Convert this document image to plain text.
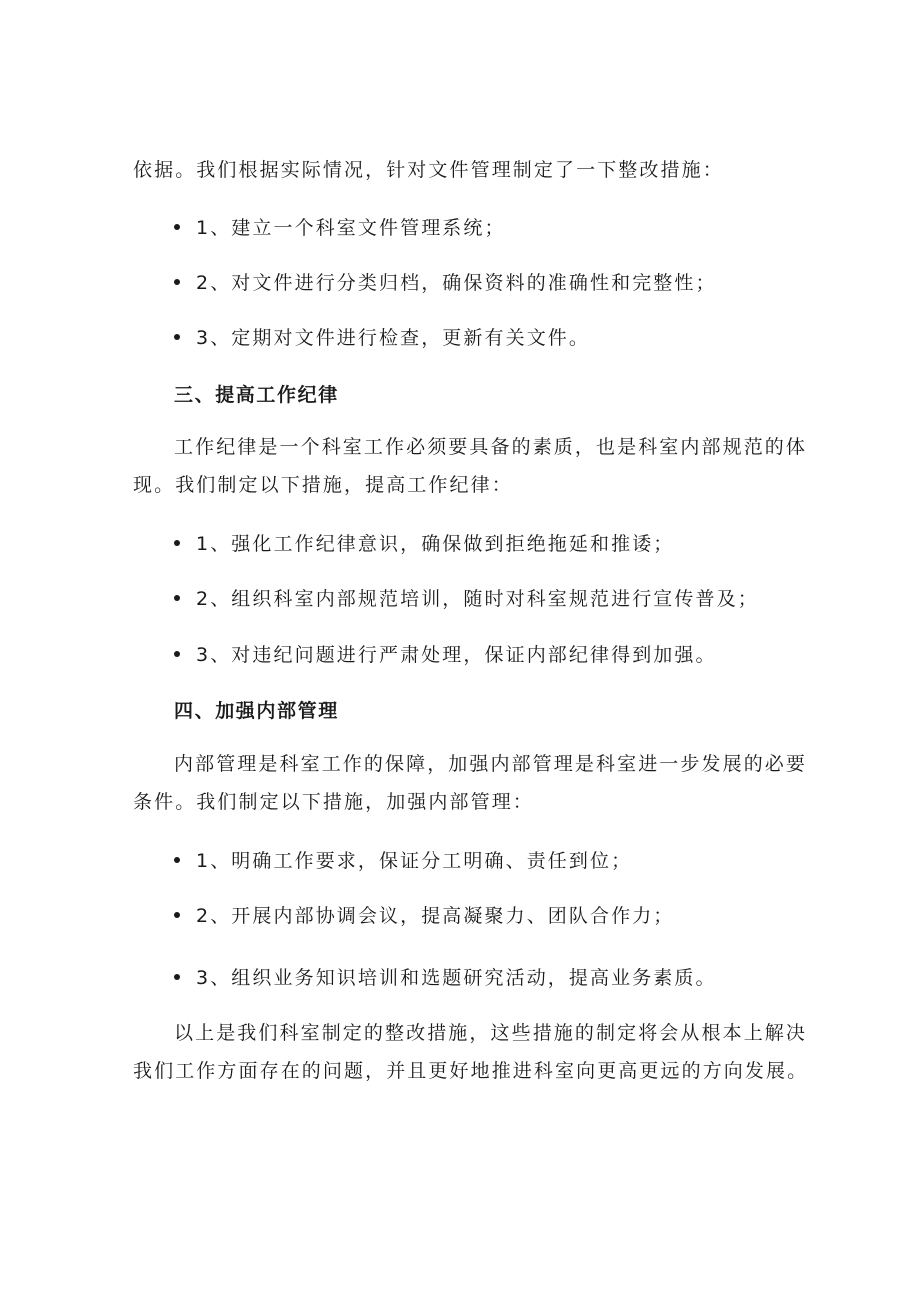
依据。我们根据实际情况，针对文件管理制定了一下整改措施：
1、建立一个科室文件管理系统；
2、对文件进行分类归档，确保资料的准确性和完整性；
3、定期对文件进行检查，更新有关文件。
三、提高工作纪律
工作纪律是一个科室工作必须要具备的素质，也是科室内部规范的体
现。我们制定以下措施，提高工作纪律：
1、强化工作纪律意识，确保做到拒绝拖延和推诿；
2、组织科室内部规范培训，随时对科室规范进行宣传普及；
3、对违纪问题进行严肃处理，保证内部纪律得到加强。
四、加强内部管理
内部管理是科室工作的保障，加强内部管理是科室进一步发展的必要
条件。我们制定以下措施，加强内部管理：
1、明确工作要求，保证分工明确、责任到位；
2、开展内部协调会议，提高凝聚力、团队合作力；
3、组织业务知识培训和选题研究活动，提高业务素质。
以上是我们科室制定的整改措施，这些措施的制定将会从根本上解决
我们工作方面存在的问题，并且更好地推进科室向更高更远的方向发展。
